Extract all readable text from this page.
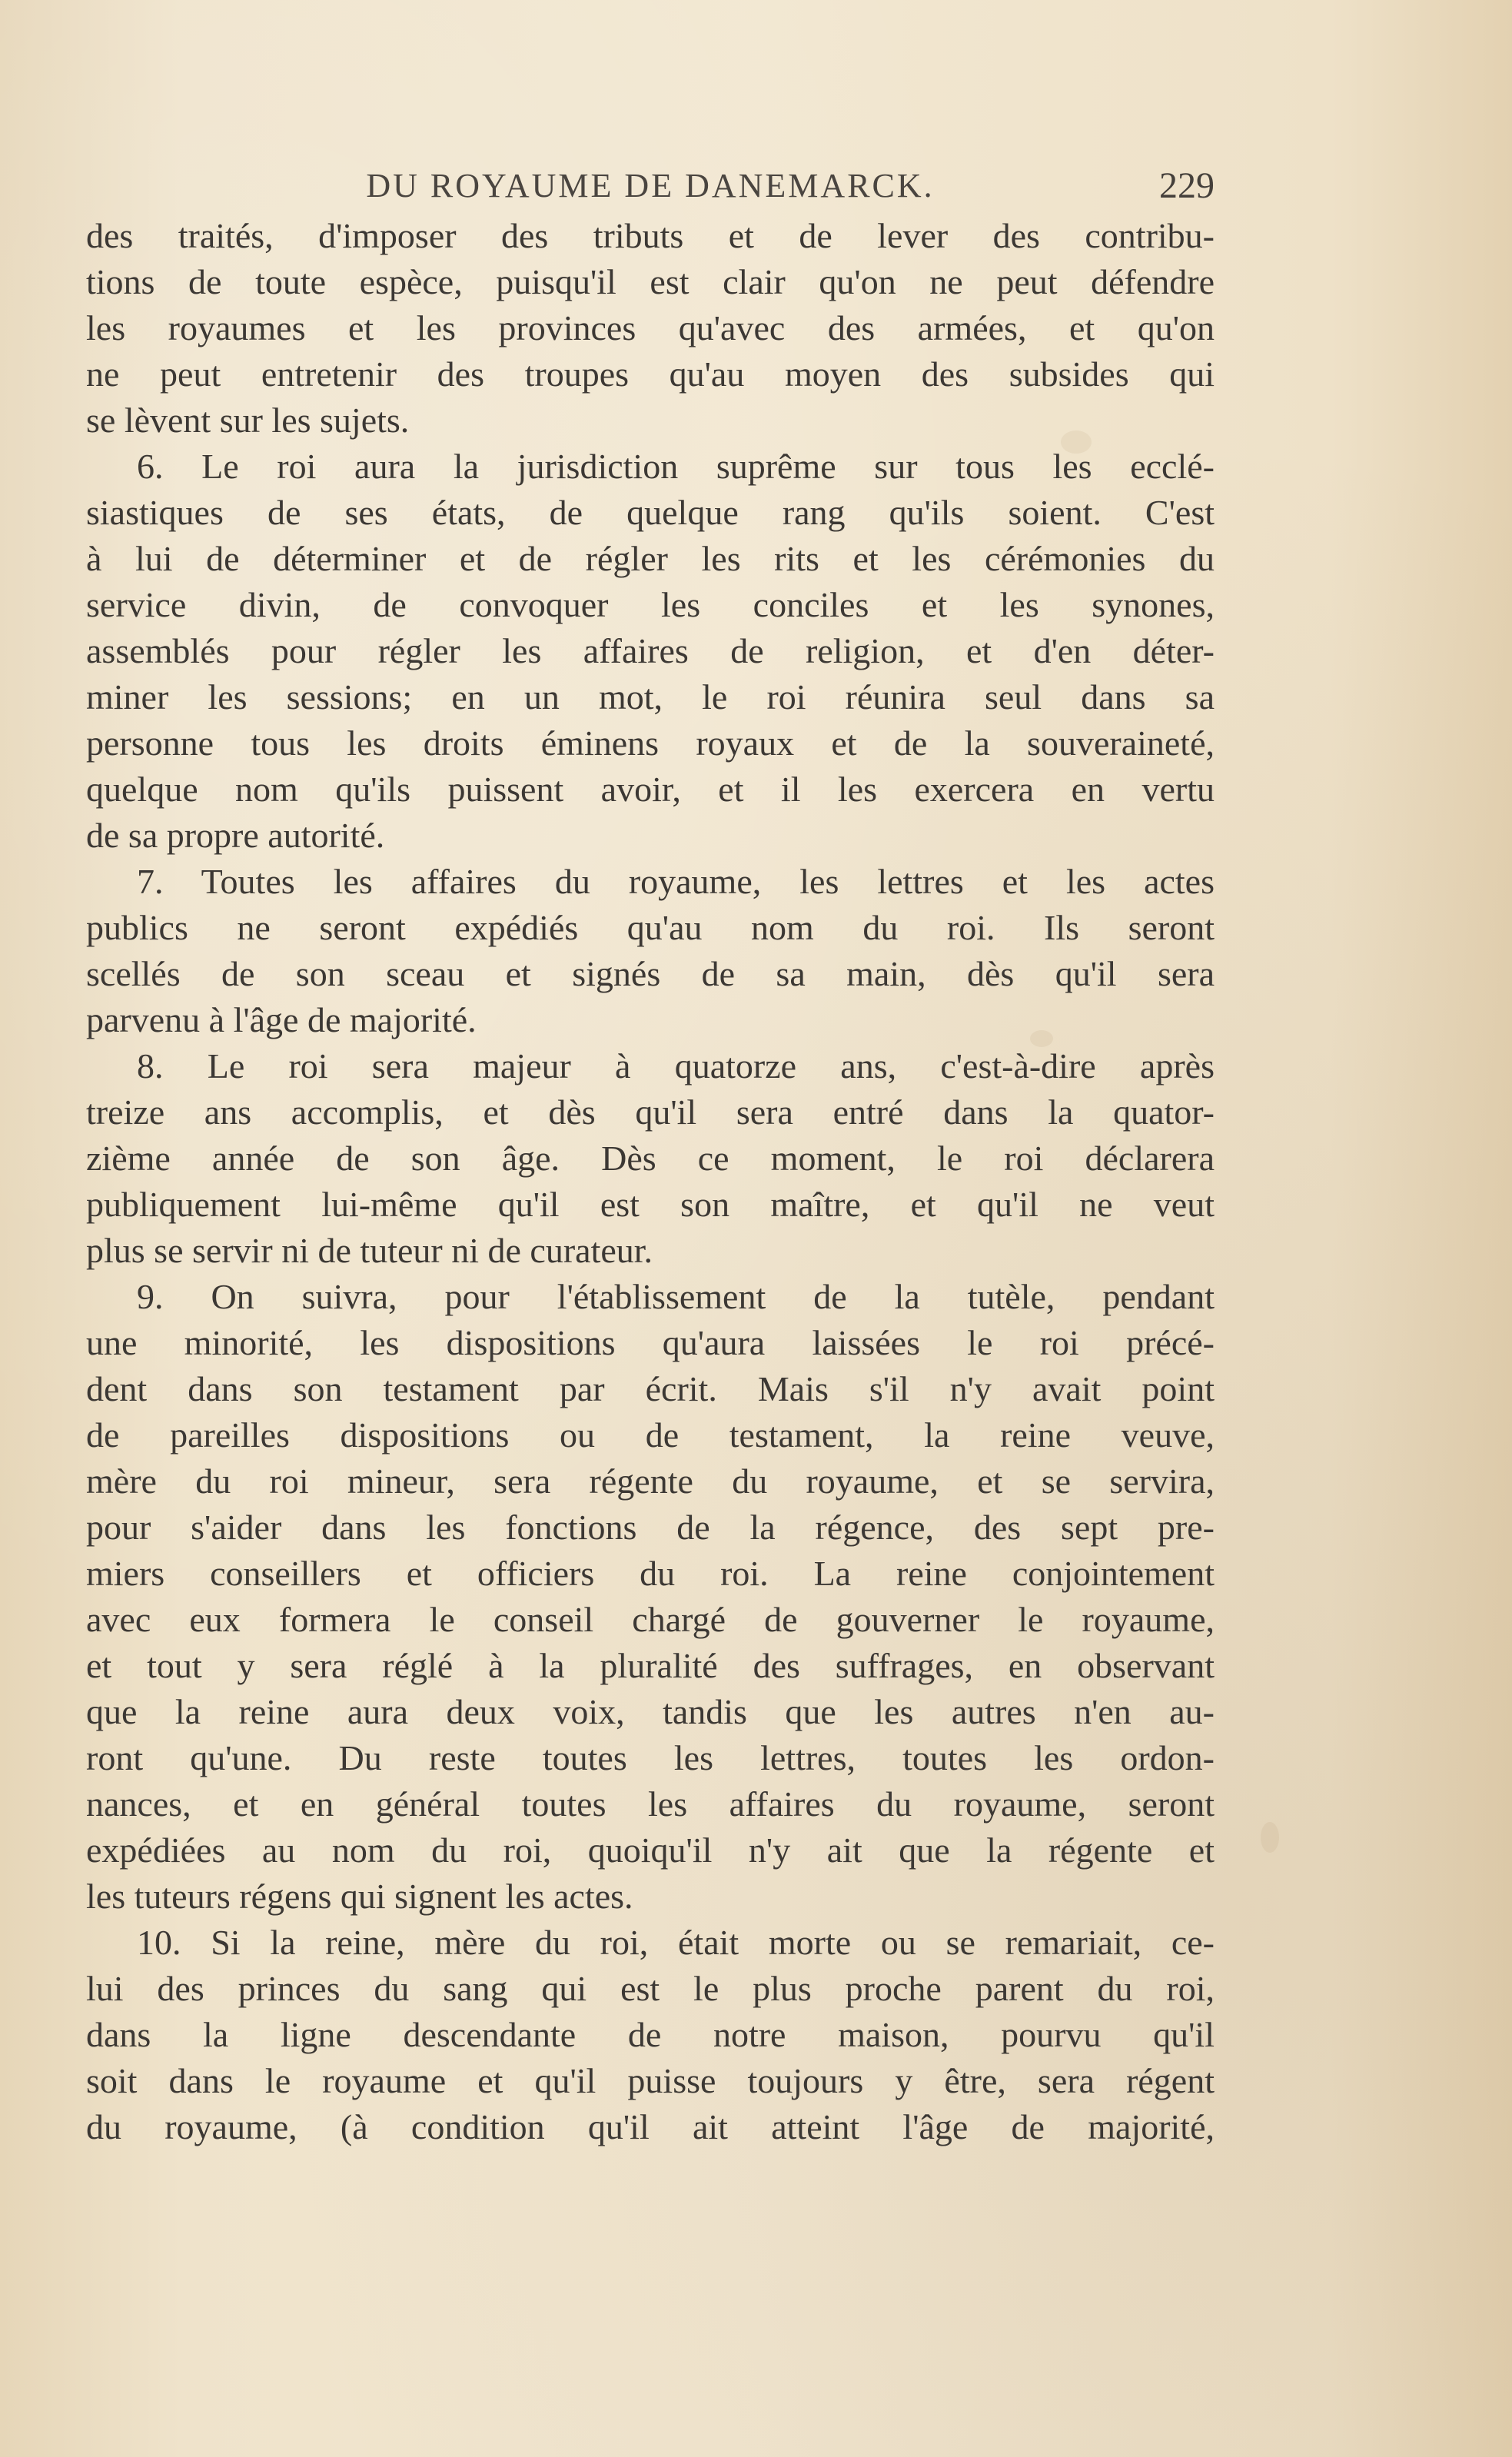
DU ROYAUME DE DANEMARCK.	229
des traités, d'imposer des tributs et de lever des contribu-
tions de toute espèce, puisqu'il est clair qu'on ne peut défendre
les royaumes et les provinces qu'avec des armées, et qu'on
ne peut entretenir des troupes qu'au moyen des subsides qui
se lèvent sur les sujets.
6. Le roi aura la jurisdiction suprême sur tous les ecclé-
siastiques de ses états, de quelque rang qu'ils soient. C'est
à lui de déterminer et de régler les rits et les cérémonies du
service divin, de convoquer les conciles et les synones,
assemblés pour régler les affaires de religion, et d'en déter-
miner les sessions; en un mot, le roi réunira seul dans sa
personne tous les droits éminens royaux et de la souveraineté,
quelque nom qu'ils puissent avoir, et il les exercera en vertu
de sa propre autorité.
7. Toutes les affaires du royaume, les lettres et les actes
publics ne seront expédiés qu'au nom du roi. Ils seront
scellés de son sceau et signés de sa main, dès qu'il sera
parvenu à l'âge de majorité.
8. Le roi sera majeur à quatorze ans, c'est-à-dire après
treize ans accomplis, et dès qu'il sera entré dans la quator-
zième année de son âge. Dès ce moment, le roi déclarera
publiquement lui-même qu'il est son maître, et qu'il ne veut
plus se servir ni de tuteur ni de curateur.
9. On suivra, pour l'établissement de la tutèle, pendant
une minorité, les dispositions qu'aura laissées le roi précé-
dent dans son testament par écrit. Mais s'il n'y avait point
de pareilles dispositions ou de testament, la reine veuve,
mère du roi mineur, sera régente du royaume, et se servira,
pour s'aider dans les fonctions de la régence, des sept pre-
miers conseillers et officiers du roi. La reine conjointement
avec eux formera le conseil chargé de gouverner le royaume,
et tout y sera réglé à la pluralité des suffrages, en observant
que la reine aura deux voix, tandis que les autres n'en au-
ront qu'une. Du reste toutes les lettres, toutes les ordon-
nances, et en général toutes les affaires du royaume, seront
expédiées au nom du roi, quoiqu'il n'y ait que la régente et
les tuteurs régens qui signent les actes.
10. Si la reine, mère du roi, était morte ou se remariait, ce-
lui des princes du sang qui est le plus proche parent du roi,
dans la ligne descendante de notre maison, pourvu qu'il
soit dans le royaume et qu'il puisse toujours y être, sera régent
du royaume, (à condition qu'il ait atteint l'âge de majorité,
